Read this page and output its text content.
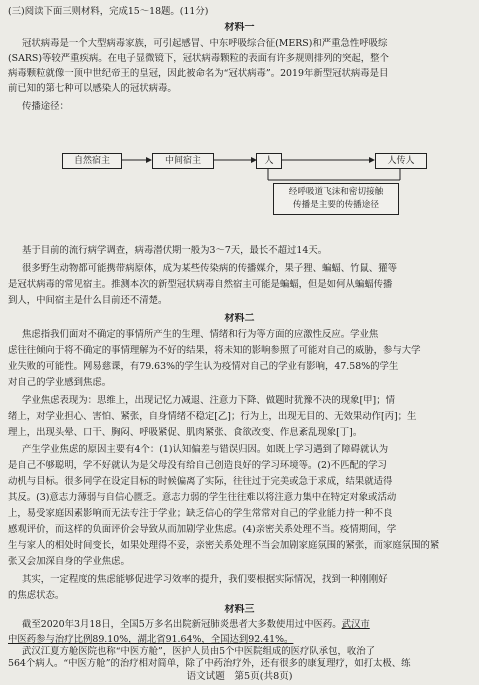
(三)阅读下面三则材料，完成15～18题。(11分)
材料一
冠状病毒是一个大型病毒家族，可引起感冒、中东呼吸综合征(MERS)和严重急性呼吸综
(SARS)等较严重疾病。在电子显微镜下，冠状病毒颗粒的表面有许多规则排列的突起，整个
病毒颗粒就像一顶中世纪帝王的皇冠，因此被命名为“冠状病毒”。2019年新型冠状病毒是目
前已知的第七种可以感染人的冠状病毒。
传播途径：
自然宿主	中间宿主	人	人传人
经呼吸道飞沫和密切接触
传播是主要的传播途径
基于目前的流行病学调查，病毒潜伏期一般为3～7天，最长不超过14天。
很多野生动物都可能携带病原体，成为某些传染病的传播媒介，果子狸、蝙蝠、竹鼠、獾等
是冠状病毒的常见宿主。推测本次的新型冠状病毒自然宿主可能是蝙蝠，但是如何从蝙蝠传播
到人，中间宿主是什么目前还不清楚。
材料二
焦虑指我们面对不确定的事情所产生的生理、情绪和行为等方面的应激性反应。学业焦
虑往往倾向于将不确定的事情理解为不好的结果，将未知的影响参照了可能对自己的威胁，参与大学
业失败的可能性。网易慈课，有79.63%的学生认为疫情对自己的学业有影响，47.58%的学生
对自己的学业感到焦虑。
学业焦虑表现为：思维上，出现记忆力减退、注意力下降、做题时犹豫不决的现象[甲]；情
绪上，对学业担心、害怕、紧张，自身情绪不稳定[乙]；行为上，出现无目的、无效果动作[丙]；生
理上，出现头晕、口干、胸闷、呼吸紧促、肌肉紧张、食欲改变、作息紊乱现象[丁]。
产生学业焦虑的原因主要有4个：(1)认知偏差与错误归因。如既上学习遇到了障碍就认为
是自己不够聪明，学不好就认为是父母没有给自己创造良好的学习环境等。(2)不匹配的学习
动机与目标。很多同学在设定目标的时候偏离了实际，往往过于完美或急于求成，结果就适得
其反。(3)意志力薄弱与自信心匮乏。意志力弱的学生往往难以将注意力集中在特定对象或活动
上，易受家庭因素影响而无法专注于学业；缺乏信心的学生常常对自己的学业能力持一种不良
感观评价，而这样的负面评价会导致从而加剧学业焦虑。(4)亲密关系处理不当。疫情期间，学
生与家人的相处时间变长，如果处理得不妥，亲密关系处理不当会加剧家庭氛围的紧张，而家庭氛围的紧
张又会加深自身的学业焦虑。
其实，一定程度的焦虑能够促进学习效率的提升，我们要根据实际情况，找到一种刚刚好
的焦虑状态。
材料三
截至2020年3月18日，全国5万多名出院新冠肺炎患者大多数使用过中医药。武汉市
中医药参与治疗比例89.10%，湖北省91.64%，全国达到92.41%。
武汉江夏方舱医院也称“中医方舱”，医护人员由5个中医院组成的医疗队承包，收治了
564个病人。“中医方舱”的治疗相对简单，除了中药治疗外，还有很多的康复理疗，如打太极、练
语文试题　第5页(共8页)
